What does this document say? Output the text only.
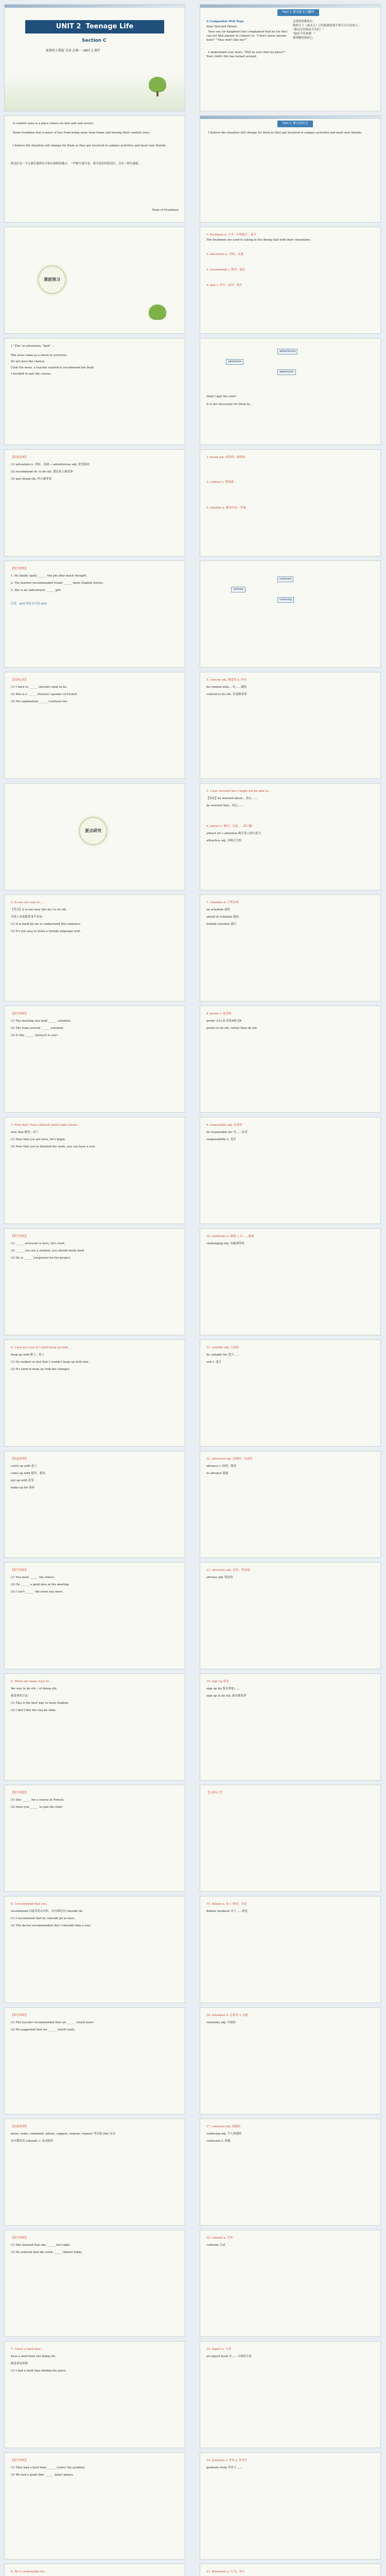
UNIT 2
Teenage Life
Section C
新教材人教版 英语 必修一 UNIT 2 课件
Part 1 课文原文与翻译
A Companion Web Page
Dear Harvard Parent,
Your son (or daughter) has complained that he (or she) can not find anyone to connect to. "I don't know anyone here!" "They don't like me!"
I understand your fears. "Will he ever find his place?" Your child's life has turned around.
亲爱的哈佛家长：
您的儿子（或女儿）已经抱怨说找不到可以交往的人。
"我在这里谁也不认识！"
"他们不喜欢我！"
我理解你的担心。
A comfort zone is a place where we feel safe and secure.
Some freshmen feel a sense of loss from being away from home and leaving their comfort zone.
I believe the situation will change for them as they get involved in campus activities and meet new friends.
舒适区是一个让我们感到安全和有保障的地方。一些新生离开家，离开他们的舒适区，会有一种失落感。
Dean of Freshmen
Part 2 课文知识点
I believe the situation will change for them as they get involved in campus activities and meet new friends.
课前预习
1. freshman n. 大学一年级新生；新手
The freshmen are used to eating in the dining hall with their classmates.
2. adventure n. 冒险；奇遇
3. recommend v. 推荐；建议
4. quit v. 停止；放弃；离开
1 "The" in adventure; "quit" ...
The news came as a shock to everyone.
Do not miss the chance.
Click the news, a teacher wanted to recommend the book.
I decided to quit the course.
adventure
adventurous
adventurer
Shall I quit the club?
It is not necessary for them to...
【拓展延伸】
(1) adventure n. 冒险；奇遇 → adventurous adj. 爱冒险的
(2) recommend sb. to do sth. 建议某人做某事
(3) quit doing sth. 停止做某事
2. fluent adj. 流利的；熟练的
3. confuse v. 使困惑
4. solution n. 解决办法；答案
【即学即练】
1. He finally (quit) ______ the job after much thought.
2. The teacher recommended (read) ______ more English stories.
3. She is an (adventure) ______ girl.
注意：quit 的过去式是 quit
confuse
confused
confusing
【语境运用】
(1) I have to ______ (decide) what to do.
(2) She is a ______ (fluency) speaker of French.
(3) His explanation ______ (confuse) me.
5. content adj. 满意的 n. 内容
be content with... 对……满意
content to do sth. 乐意做某事
要点研究
1. I was worried that I might not be able to...
【用法】be worried about... 担心……
be worried that... 担心……
6. attract v. 吸引；引起……的兴趣
attract sb.'s attention 吸引某人的注意力
attractive adj. 有吸引力的
2. It was not easy to ...
【考点】it is not easy (for sb.) to do sth.
对某人来说做某事不容易。
(1) It is hard for me to understand this sentence.
(2) It's not easy to learn a foreign language well.
7. schedule n. 日程安排
on schedule 按时
ahead of schedule 提前
behind schedule 落后
【即学即练】
(1) The meeting was held ______ schedule.
(2) The train arrived ______ schedule.
(3) Is this ______ (attract) to you?
8. prefer v. 更喜欢
prefer A to B 喜欢A胜过B
prefer to do sth. rather than do sth.
3. Now that I have entered senior high school...
now that 既然；由于
(1) Now that you are here, let's begin.
(2) Now that you've finished the work, you can have a rest.
9. responsible adj. 负责的
be responsible for 对……负责
responsibility n. 责任
【即学即练】
(1) ______ everyone is here, let's start.
(2) ______ you are a student, you should study hard.
(3) He is ______ (response) for the project.
10. challenge n. 挑战 v. 向……挑战
challenging adj. 有挑战性的
4. I was not sure if I could keep up with...
keep up with 跟上；赶上
(1) He walked so fast that I couldn't keep up with him.
(2) It's hard to keep up with the changes.
11. suitable adj. 合适的
be suitable for 适合……
suit v. 适合
【拓展延伸】
catch up with 赶上
come up with 想出；提出
put up with 忍受
make up for 弥补
12. advanced adj. 高级的；先进的
advance v. 前进；提高
in advance 提前
【即学即练】
(1) You must ______ the others.
(2) He ______ a good idea at the meeting.
(3) I can't ______ the noise any more.
13. obviously adv. 显然；明显地
obvious adj. 明显的
5. There are many ways to...
the way to do sth. / of doing sth.
做某事的方法
(1) This is the best way to learn English.
(2) I don't like the way he talks.
14. sign up 报名
sign up for 报名参加……
sign up to do sth. 报名做某事
【即学即练】
(1) She ______ for a course in French.
(2) Have you ______ to join the club?
【完成句子】
6. I recommend that you...
recommend 后接宾语从句时，从句谓语用 (should) do
(1) I recommend that he (should) go at once.
(2) The doctor recommended that I (should) take a rest.
15. debate n. & v. 辩论；争论
debate on/about 关于……辩论
【即学即练】
(1) The teacher recommended that we ______ (read) more.
(2) He suggested that we ______ (start) early.
16. volunteer n. 志愿者 v. 自愿
voluntary adj. 自愿的
【拓展延伸】
insist, order, command, advise, suggest, require, request 等后接 that 从句
从句谓语用 (should) + 动词原形
17. confused adj. 困惑的
confusing adj. 令人困惑的
confusion n. 困惑
【即学即练】
(1) She insisted that she ______ (be) right.
(2) He ordered that the work ______ (finish) today.
18. content n. 内容
contents 目录
7. I have a hard time...
have a hard time (in) doing sth.
做某事有困难
(1) I had a hard time finding the place.
19. expert n. 专家
an expert in/on 在……方面的专家
【即学即练】
(1) They had a hard time ______ (solve) the problem.
(2) We had a good time ______ (play) games.
20. graduate v. 毕业 n. 毕业生
graduate from 毕业于……
8. He is responsible for...	21. behaviour n. 行为；举止
